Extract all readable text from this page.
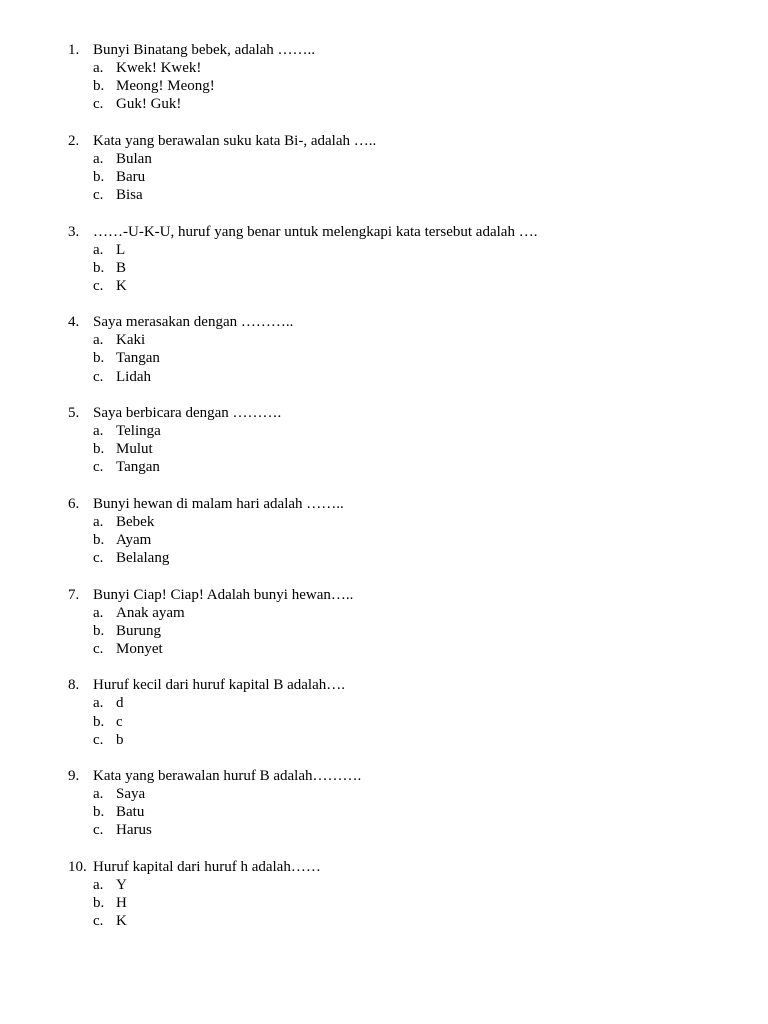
1. Bunyi Binatang bebek, adalah ……..
a. Kwek! Kwek!
b. Meong! Meong!
c. Guk! Guk!
2. Kata yang berawalan suku kata Bi-, adalah …..
a. Bulan
b. Baru
c. Bisa
3. ……-U-K-U, huruf yang benar untuk melengkapi kata tersebut adalah ….
a. L
b. B
c. K
4. Saya merasakan dengan ………..
a. Kaki
b. Tangan
c. Lidah
5. Saya berbicara dengan ……….
a. Telinga
b. Mulut
c. Tangan
6. Bunyi hewan di malam hari adalah ……..
a. Bebek
b. Ayam
c. Belalang
7. Bunyi Ciap! Ciap! Adalah bunyi hewan…..
a. Anak ayam
b. Burung
c. Monyet
8. Huruf kecil dari huruf kapital B adalah….
a. d
b. c
c. b
9. Kata yang berawalan huruf B adalah……….
a. Saya
b. Batu
c. Harus
10. Huruf kapital dari huruf h adalah……
a. Y
b. H
c. K
